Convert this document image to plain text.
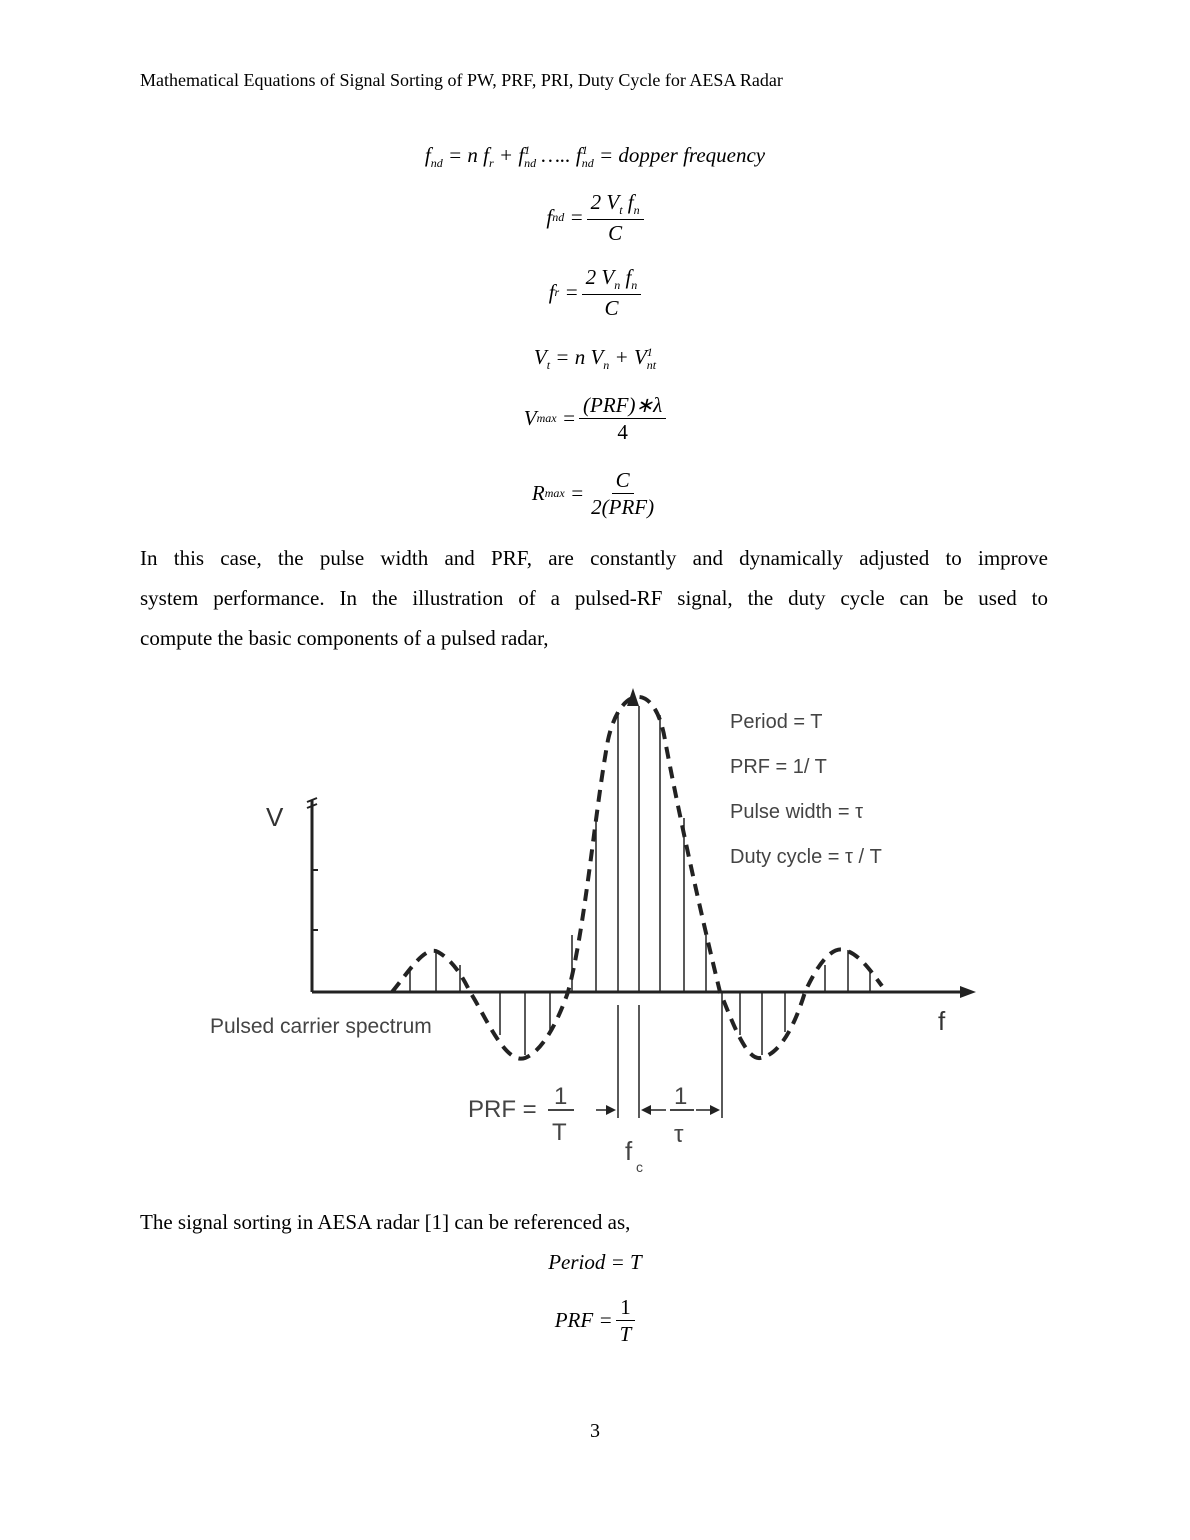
Mathematical Equations of Signal Sorting of PW, PRF, PRI, Duty Cycle for AESA Radar
$f_{nd} = n$ $f_r + f^1_{nd}$ ….. $f^1_{nd}$ = dopper frequency
f nd = $\frac{2 V_t f_n}{C}$
f $r = \frac{2 V_n f_n}{C}$
$V_t = n$ $V_n + V^1_{nt}$
V $\max = \frac{\text{(PRF)∗λ}}{4}$
R $\max = \frac{C}{\text{2(PRF)}}$
In this case, the pulse width and PRF, are constantly and dynamically adjusted to improve
system performance. In the illustration of a pulsed-RF signal, the duty cycle can be used to
compute the basic components of a pulsed radar,
V
f
Period = T
PRF = 1/ T
Pulse width = τ
Duty cycle = τ / T
Pulsed carrier spectrum
PRF = 1
T
1
τ
f
c
The signal sorting in AESA radar [1] can be referenced as,
Period = T
PRF = $\frac{1}{T}$
3
